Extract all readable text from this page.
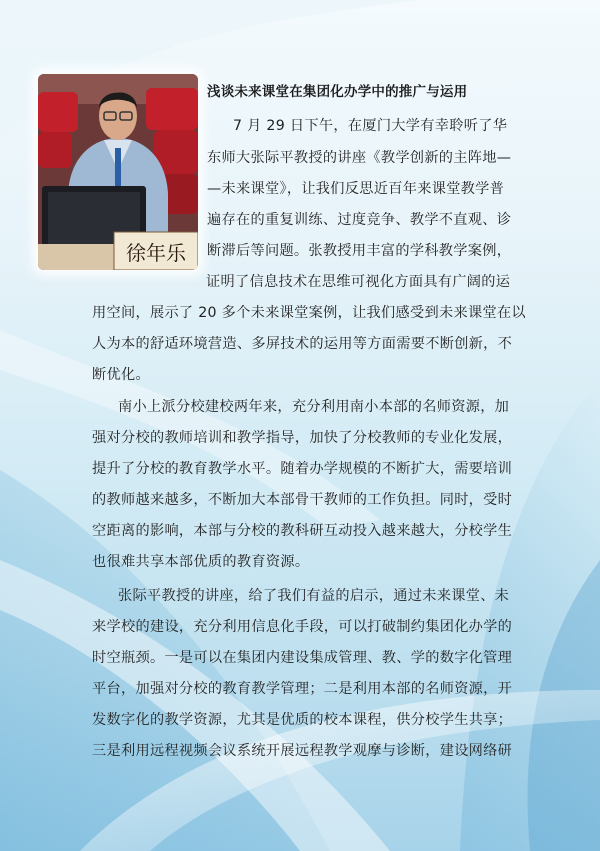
徐年乐
浅谈未来课堂在集团化办学中的推广与运用

7 月 29 日下午，在厦门大学有幸聆听了华

东师大张际平教授的讲座《教学创新的主阵地—

—未来课堂》，让我们反思近百年来课堂教学普

遍存在的重复训练、过度竞争、教学不直观、诊

断滞后等问题。张教授用丰富的学科教学案例，

证明了信息技术在思维可视化方面具有广阔的运

用空间，展示了 20 多个未来课堂案例，让我们感受到未来课堂在以

人为本的舒适环境营造、多屏技术的运用等方面需要不断创新，不

断优化。

南小上派分校建校两年来，充分利用南小本部的名师资源，加

强对分校的教师培训和教学指导，加快了分校教师的专业化发展，

提升了分校的教育教学水平。随着办学规模的不断扩大，需要培训

的教师越来越多，不断加大本部骨干教师的工作负担。同时，受时

空距离的影响，本部与分校的教科研互动投入越来越大，分校学生

也很难共享本部优质的教育资源。

张际平教授的讲座，给了我们有益的启示，通过未来课堂、未

来学校的建设，充分利用信息化手段，可以打破制约集团化办学的

时空瓶颈。一是可以在集团内建设集成管理、教、学的数字化管理

平台，加强对分校的教育教学管理；二是利用本部的名师资源，开

发数字化的教学资源，尤其是优质的校本课程，供分校学生共享；

三是利用远程视频会议系统开展远程教学观摩与诊断，建设网络研
